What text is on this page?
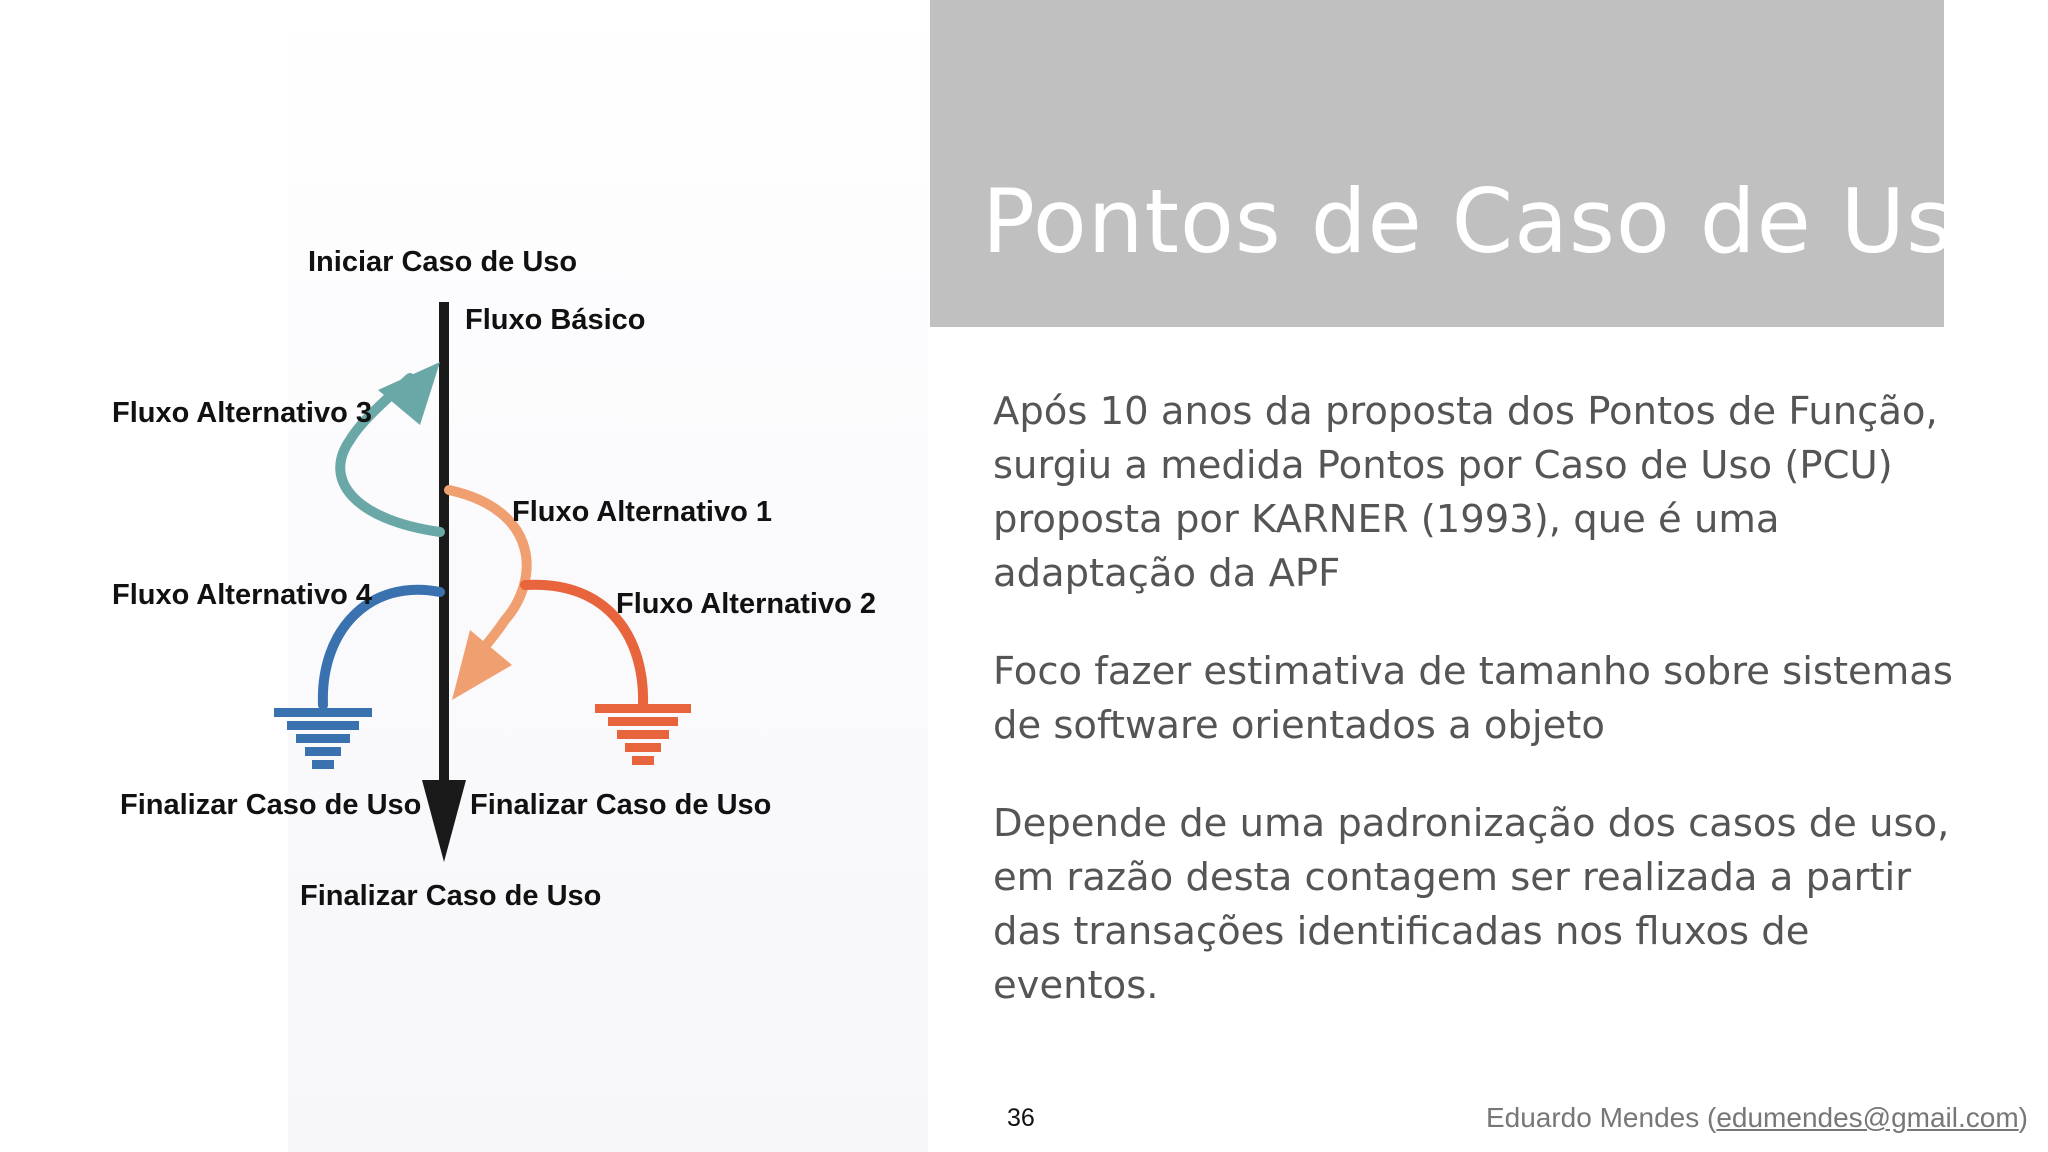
Iniciar Caso de Uso
Fluxo Básico
Fluxo Alternativo 3
Fluxo Alternativo 1
Fluxo Alternativo 4	Fluxo Alternativo 2
Finalizar Caso de Uso Finalizar Caso de Uso
Finalizar Caso de Uso
Pontos de Caso de Uso

Após 10 anos da proposta dos Pontos de Função, surgiu a medida Pontos por Caso de Uso (PCU) proposta por KARNER (1993), que é uma adaptação da APF

Foco fazer estimativa de tamanho sobre sistemas de software orientados a objeto

Depende de uma padronização dos casos de uso, em razão desta contagem ser realizada a partir das transações identificadas nos fluxos de eventos.

36	Eduardo Mendes (edumendes@gmail.com)
